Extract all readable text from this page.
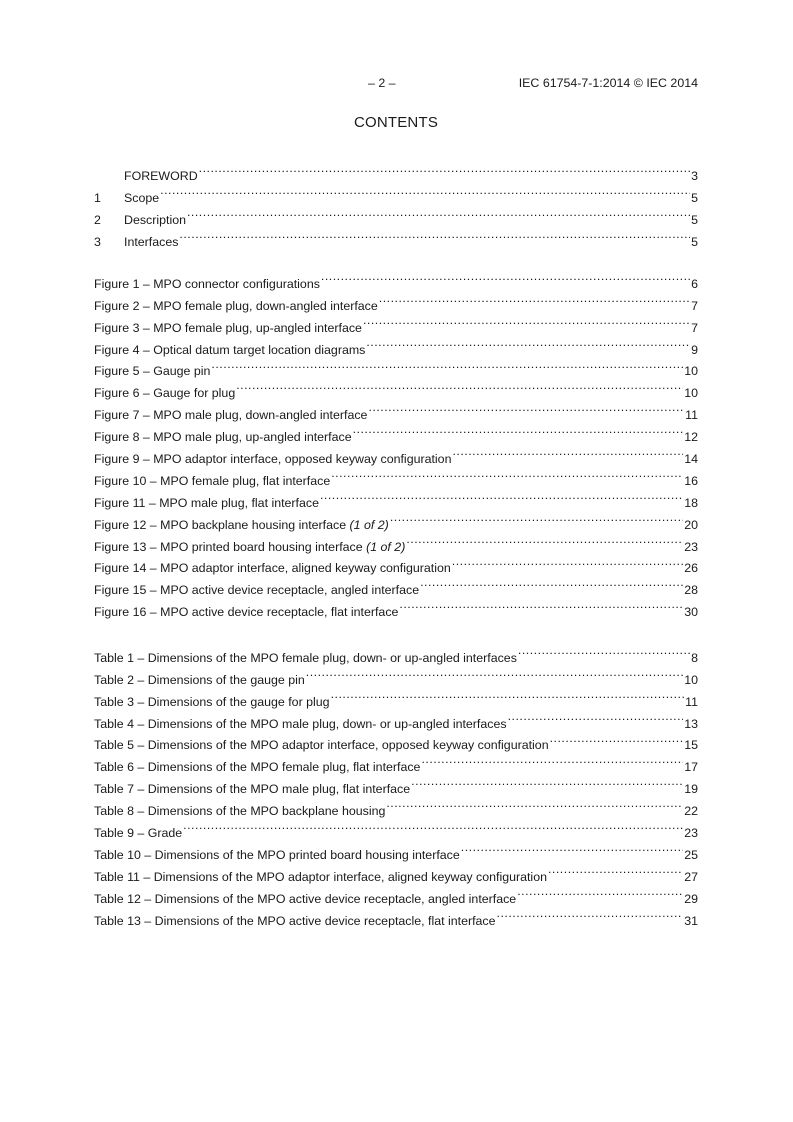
– 2 –	IEC 61754-7-1:2014 © IEC 2014
CONTENTS
FOREWORD .....	3
1	Scope .....	5
2	Description .....	5
3	Interfaces .....	5
Figure 1 – MPO connector configurations .....	6
Figure 2 – MPO female plug, down-angled interface .....	7
Figure 3 – MPO female plug, up-angled interface .....	7
Figure 4 – Optical datum target location diagrams .....	9
Figure 5 – Gauge pin .....	10
Figure 6 – Gauge for plug .....	10
Figure 7 – MPO male plug, down-angled interface .....	11
Figure 8 – MPO male plug, up-angled interface .....	12
Figure 9 – MPO adaptor interface, opposed keyway configuration .....	14
Figure 10 – MPO female plug, flat interface .....	16
Figure 11 – MPO male plug, flat interface .....	18
Figure 12 – MPO backplane housing interface (1 of 2) .....	20
Figure 13 – MPO printed board housing interface (1 of 2) .....	23
Figure 14 – MPO adaptor interface, aligned keyway configuration .....	26
Figure 15 – MPO active device receptacle, angled interface .....	28
Figure 16 – MPO active device receptacle, flat interface .....	30
Table 1 – Dimensions of the MPO female plug, down- or up-angled interfaces .....	8
Table 2 – Dimensions of the gauge pin .....	10
Table 3 – Dimensions of the gauge for plug .....	11
Table 4 – Dimensions of the MPO male plug, down- or up-angled interfaces .....	13
Table 5 – Dimensions of the MPO adaptor interface, opposed keyway configuration .....	15
Table 6 – Dimensions of the MPO female plug, flat interface .....	17
Table 7 – Dimensions of the MPO male plug, flat interface .....	19
Table 8 – Dimensions of the MPO backplane housing .....	22
Table 9 – Grade .....	23
Table 10 – Dimensions of the MPO printed board housing interface .....	25
Table 11 – Dimensions of the MPO adaptor interface, aligned keyway configuration .....	27
Table 12 – Dimensions of the MPO active device receptacle, angled interface .....	29
Table 13 – Dimensions of the MPO active device receptacle, flat interface .....	31
